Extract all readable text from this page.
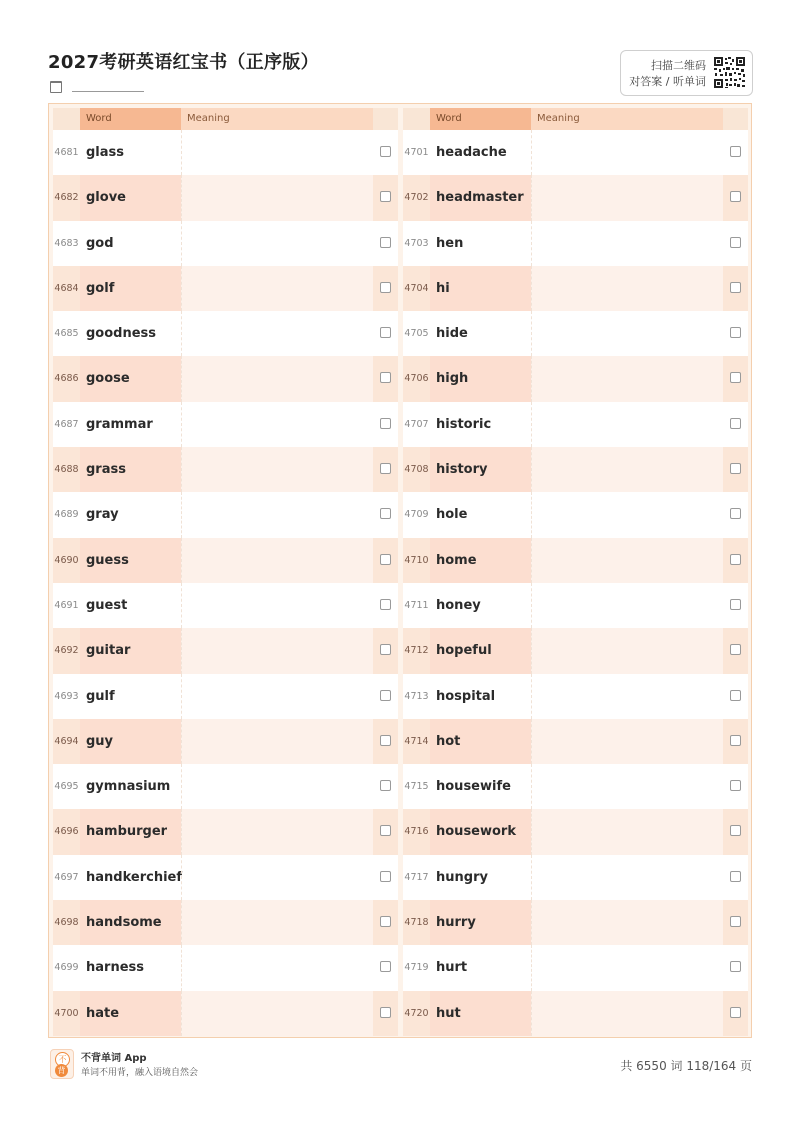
2027考研英语红宝书（正序版）	扫描二维码
对答案 / 听单词
Word	Meaning
4681 glass
4682 glove
4683 god
4684 golf
4685 goodness
4686 goose
4687 grammar
4688 grass
4689 gray
4690 guess
4691 guest
4692 guitar
4693 gulf
4694 guy
4695 gymnasium
4696 hamburger
4697 handkerchief
4698 handsome
4699 harness
4700 hate
Word	Meaning
4701 headache
4702 headmaster
4703 hen
4704 hi
4705 hide
4706 high
4707 historic
4708 history
4709 hole
4710 home
4711 honey
4712 hopeful
4713 hospital
4714 hot
4715 housewife
4716 housework
4717 hungry
4718 hurry
4719 hurt
4720 hut
不
背
不背单词 App
单词不用背，融入语境自然会	共 6550 词 118/164 页
